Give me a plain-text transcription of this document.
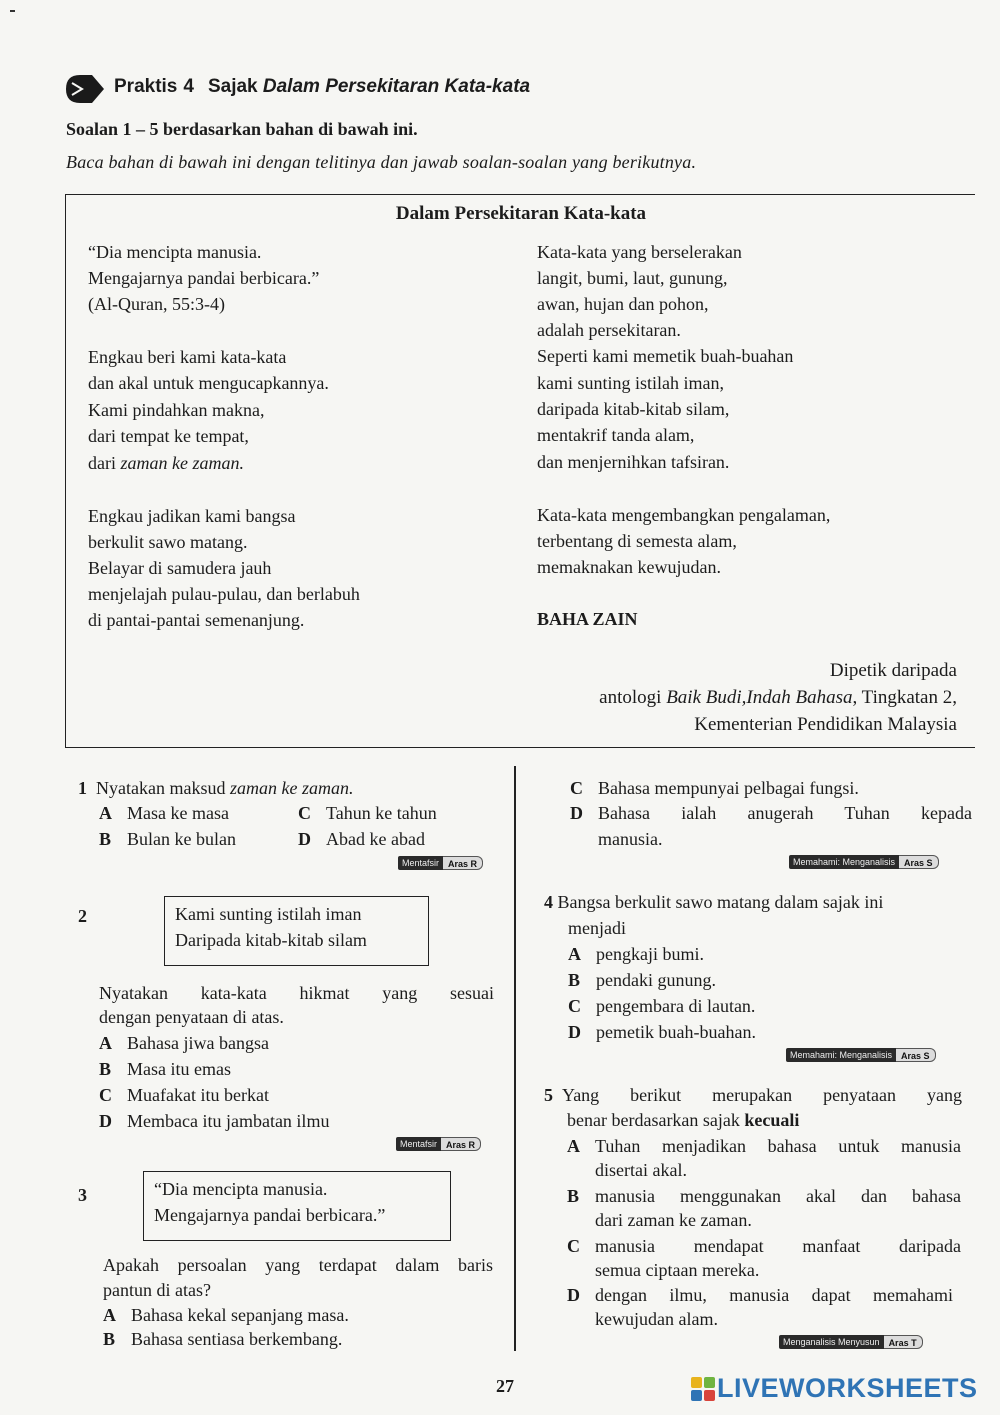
Praktis 4 Sajak Dalam Persekitaran Kata-kata
Soalan 1 – 5 berdasarkan bahan di bawah ini.
Baca bahan di bawah ini dengan telitinya dan jawab soalan-soalan yang berikutnya.
Dalam Persekitaran Kata-kata
“Dia mencipta manusia.
Mengajarnya pandai berbicara.”
(Al-Quran, 55:3-4)
Engkau beri kami kata-kata
dan akal untuk mengucapkannya.
Kami pindahkan makna,
dari tempat ke tempat,
dari zaman ke zaman.
Engkau jadikan kami bangsa
berkulit sawo matang.
Belayar di samudera jauh
menjelajah pulau-pulau, dan berlabuh
di pantai-pantai semenanjung.
Kata-kata yang berselerakan
langit, bumi, laut, gunung,
awan, hujan dan pohon,
adalah persekitaran.
Seperti kami memetik buah-buahan
kami sunting istilah iman,
daripada kitab-kitab silam,
mentakrif tanda alam,
dan menjernihkan tafsiran.
Kata-kata mengembangkan pengalaman,
terbentang di semesta alam,
memaknakan kewujudan.
BAHA ZAIN
Dipetik daripada
antologi Baik Budi,Indah Bahasa, Tingkatan 2,
Kementerian Pendidikan Malaysia
1 Nyatakan maksud zaman ke zaman.
A Masa ke masa	C Tahun ke tahun
B Bulan ke bulan	D Abad ke abad
Mentafsir	Aras R
2	Kami sunting istilah iman
Daripada kitab-kitab silam
Nyatakan kata-kata hikmat yang sesuai
dengan penyataan di atas.
A Bahasa jiwa bangsa
B Masa itu emas
C Muafakat itu berkat
D Membaca itu jambatan ilmu
Mentafsir	Aras R
3	“Dia mencipta manusia.
Mengajarnya pandai berbicara.”
Apakah persoalan yang terdapat dalam baris
pantun di atas?
A Bahasa kekal sepanjang masa.
B Bahasa sentiasa berkembang.
C Bahasa mempunyai pelbagai fungsi.
D Bahasa ialah anugerah Tuhan kepada
manusia.
Memahami: Menganalisis	Aras S
4 Bangsa berkulit sawo matang dalam sajak ini
menjadi
A pengkaji bumi.
B pendaki gunung.
C pengembara di lautan.
D pemetik buah-buahan.
Memahami: Menganalisis	Aras S
5
Yang berikut merupakan penyataan yang
benar berdasarkan sajak kecuali
A Tuhan menjadikan bahasa untuk manusia
disertai akal.
B manusia menggunakan akal dan bahasa
dari zaman ke zaman.
C manusia mendapat manfaat daripada
semua ciptaan mereka.
D dengan ilmu, manusia dapat memahami
kewujudan alam.
Menganalisis Menyusun	Aras T
27	LIVEWORKSHEETS
